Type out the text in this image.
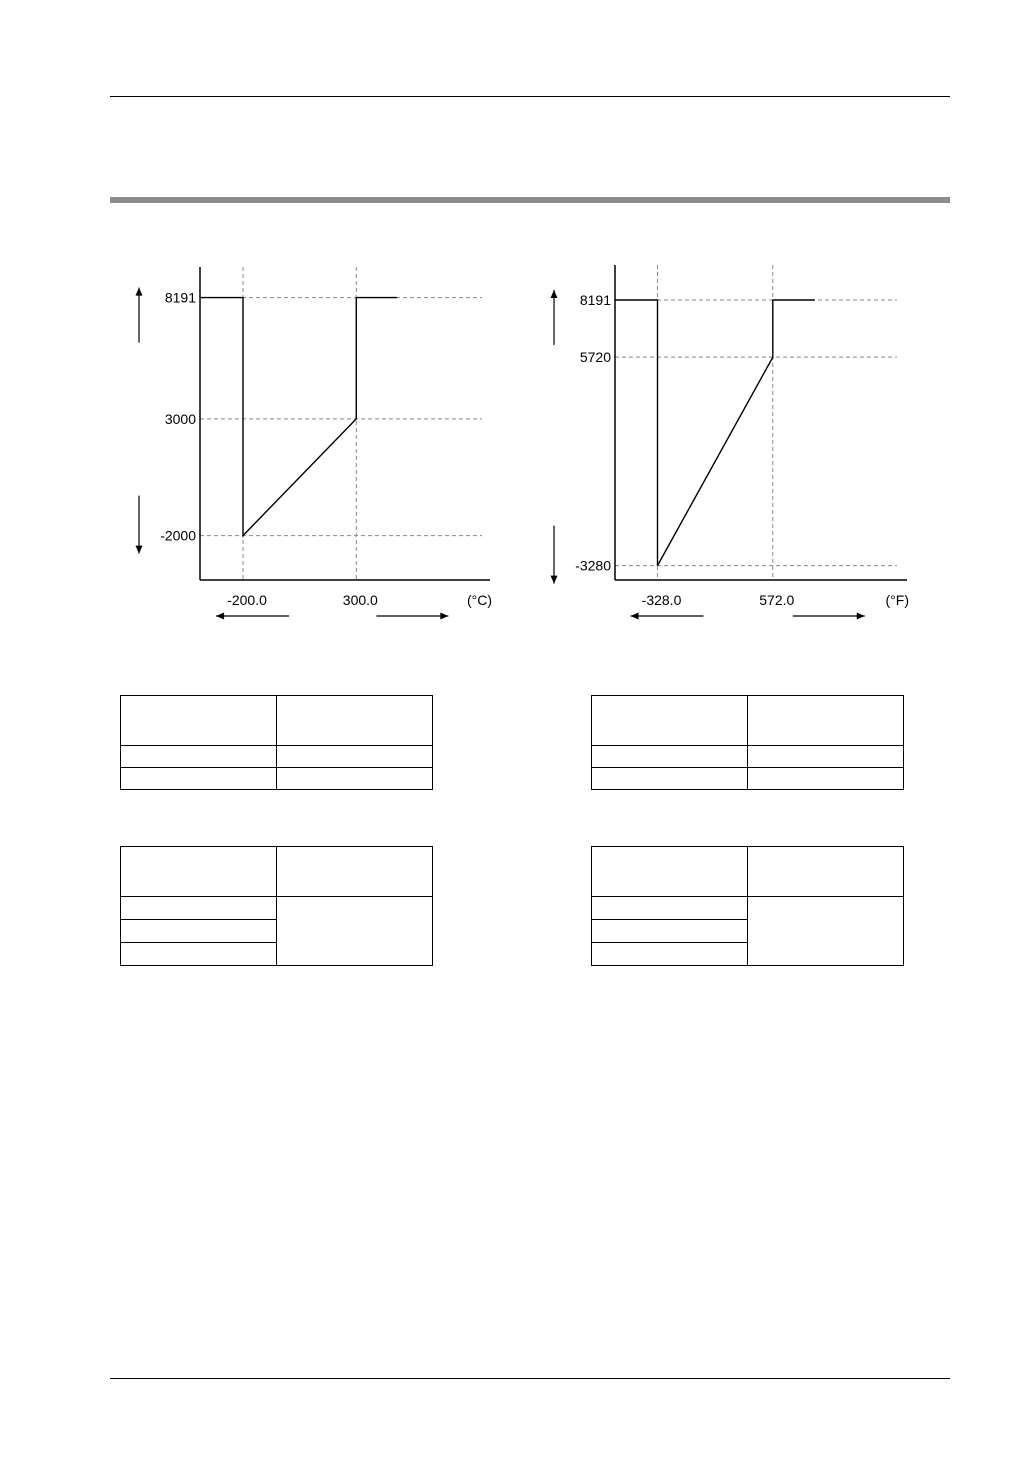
8191
3000
-2000
-200.0	300.0	(°C)
8191
5720
-3280
-328.0	572.0	(°F)
